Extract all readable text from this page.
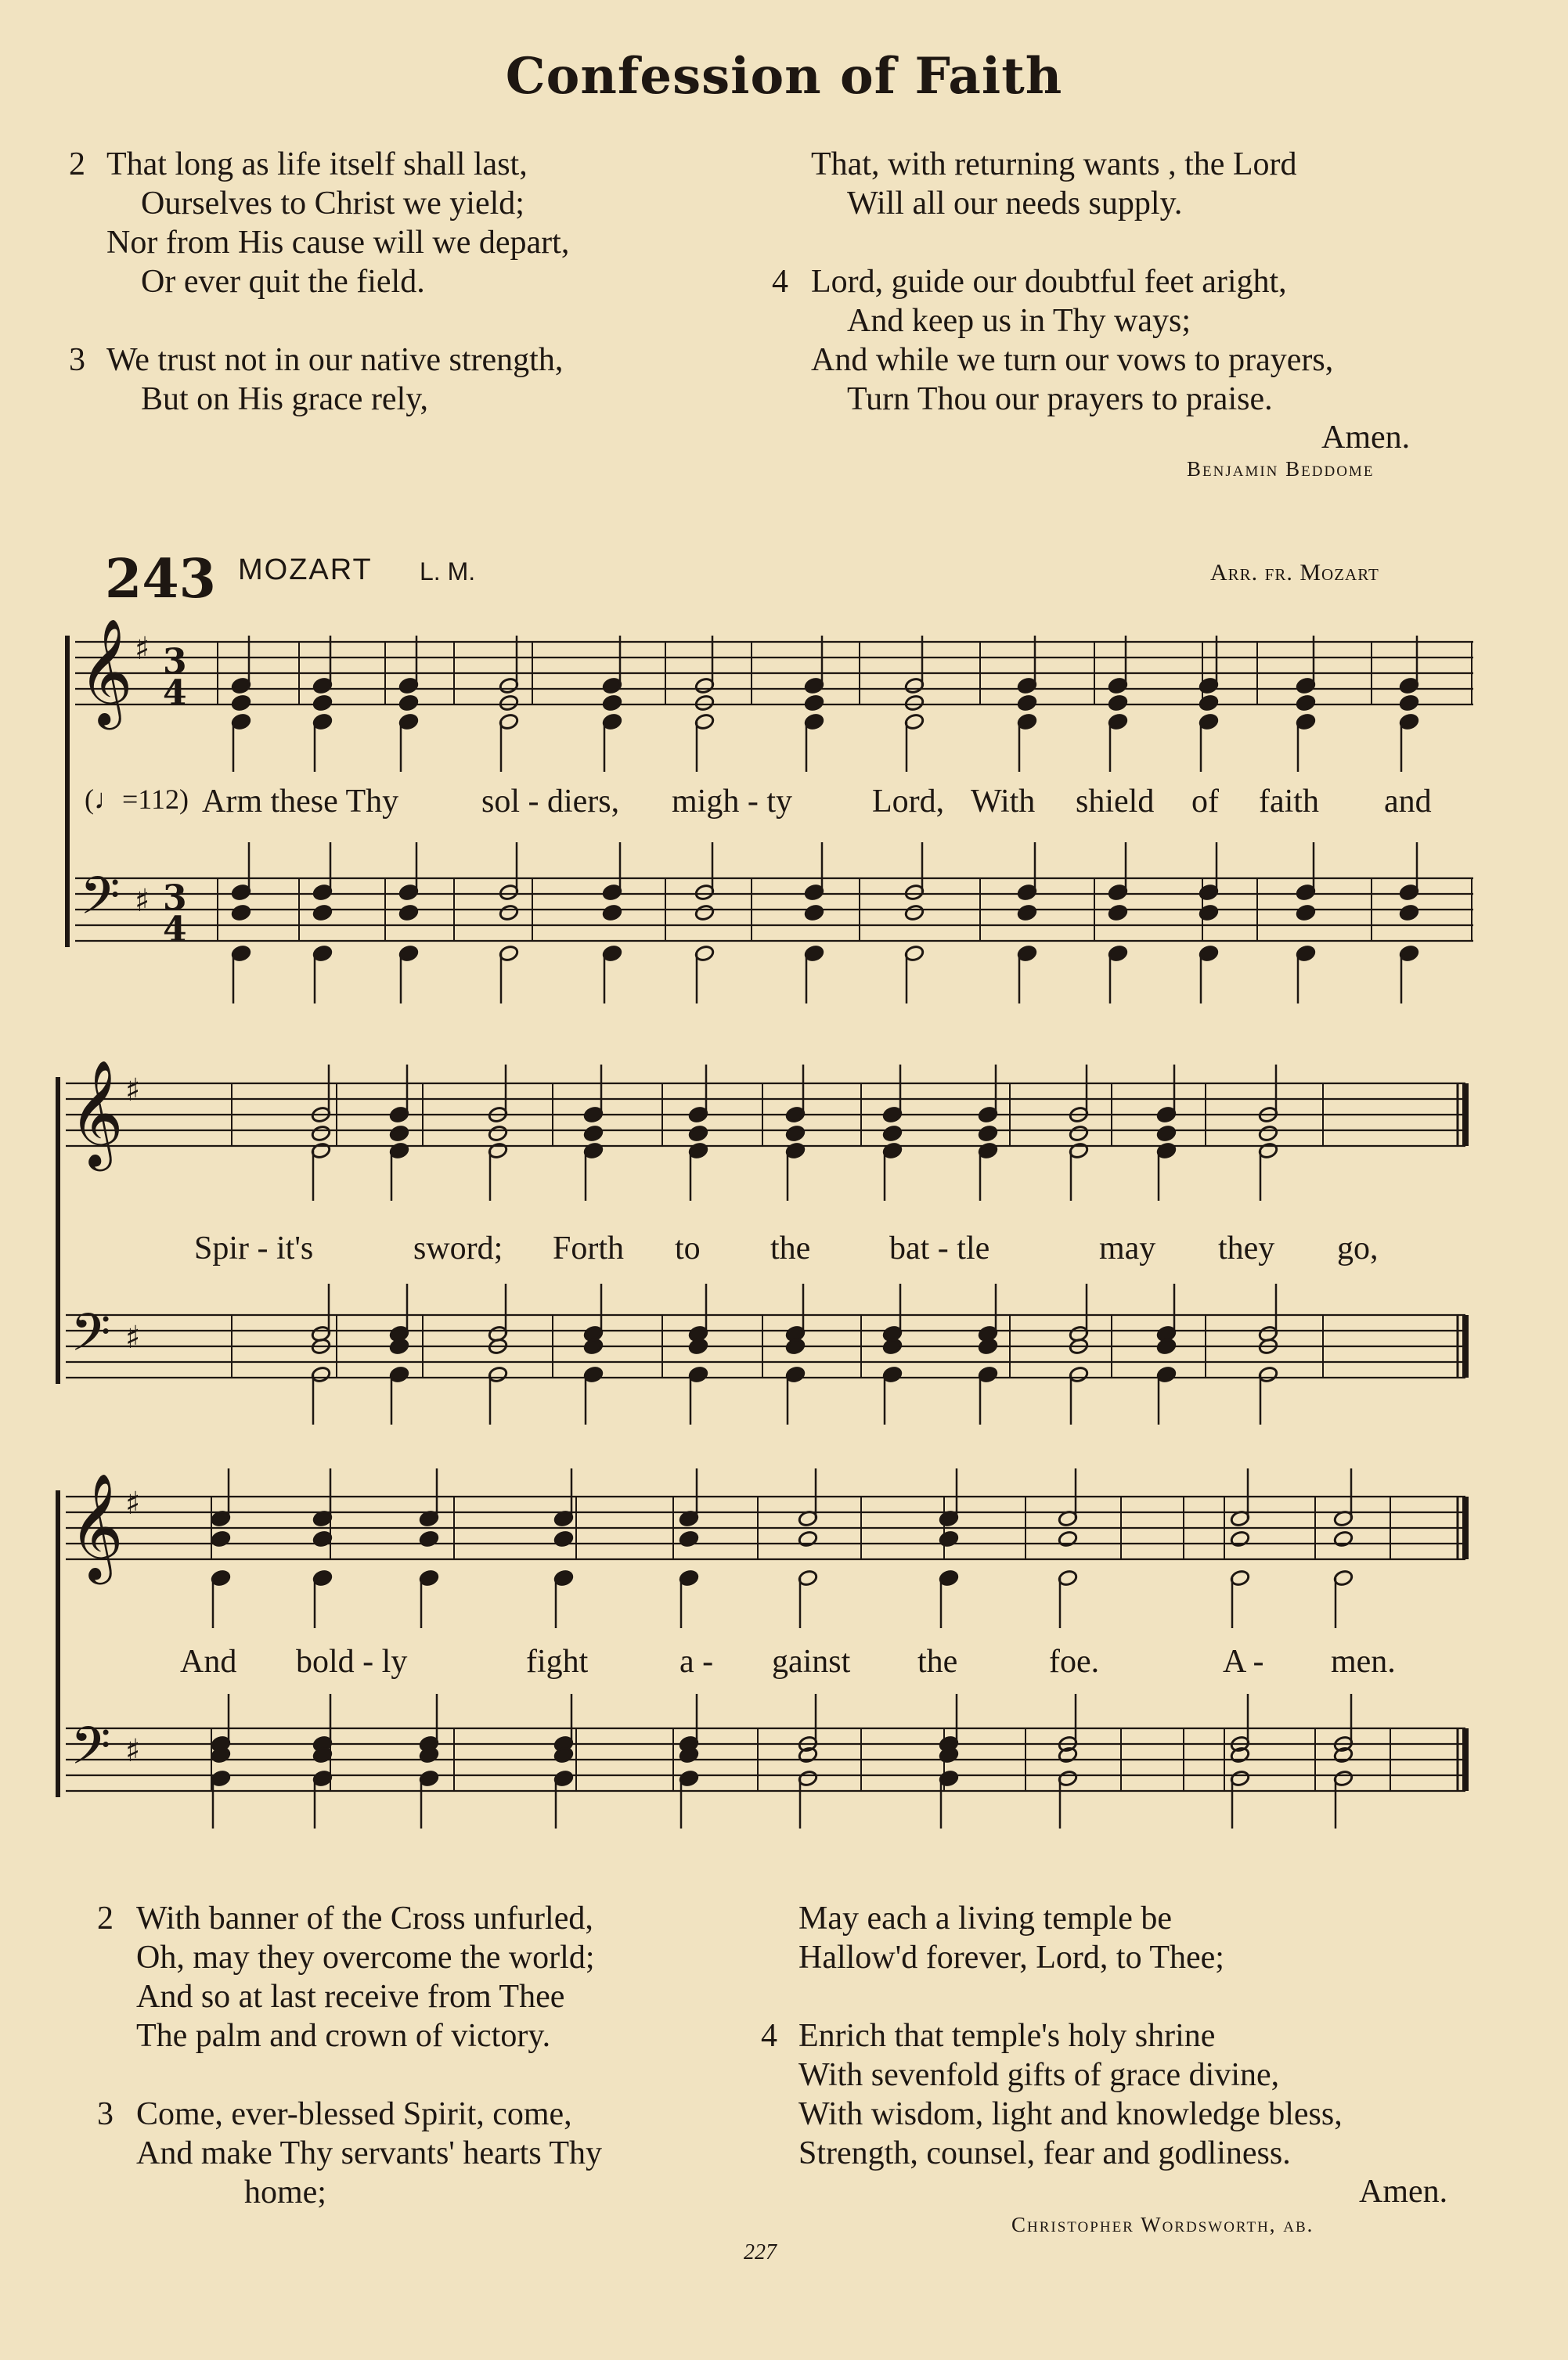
Confession of Faith
2 That long as life itself shall last,
Ourselves to Christ we yield;
Nor from His cause will we depart,
Or ever quit the field.
3 We trust not in our native strength,
But on His grace rely,
That, with returning wants , the Lord
Will all our needs supply.
4 Lord, guide our doubtful feet aright,
And keep us in Thy ways;
And while we turn our vows to prayers,
Turn Thou our prayers to praise.
Amen.
Benjamin Beddome
243 MOZART L. M.	Arr. fr. Mozart
𝄞
𝄢
♯
♯
3
4
3
4
𝄞
𝄢
♯
♯
𝄞
𝄢
♯
♯
(♩=112) Arm these Thy	sol - diers, migh - ty Lord, With shield of faith and
Spir - it's	sword; Forth to the bat - tle	may they go,
And bold - ly	fight	a - gainst the	foe.	A - men.
2 With banner of the Cross unfurled,
Oh, may they overcome the world;
And so at last receive from Thee
The palm and crown of victory.
3 Come, ever-blessed Spirit, come,
And make Thy servants' hearts Thy
home;
May each a living temple be
Hallow'd forever, Lord, to Thee;
4 Enrich that temple's holy shrine
With sevenfold gifts of grace divine,
With wisdom, light and knowledge bless,
Strength, counsel, fear and godliness.
Amen.
Christopher Wordsworth, ab.
227
